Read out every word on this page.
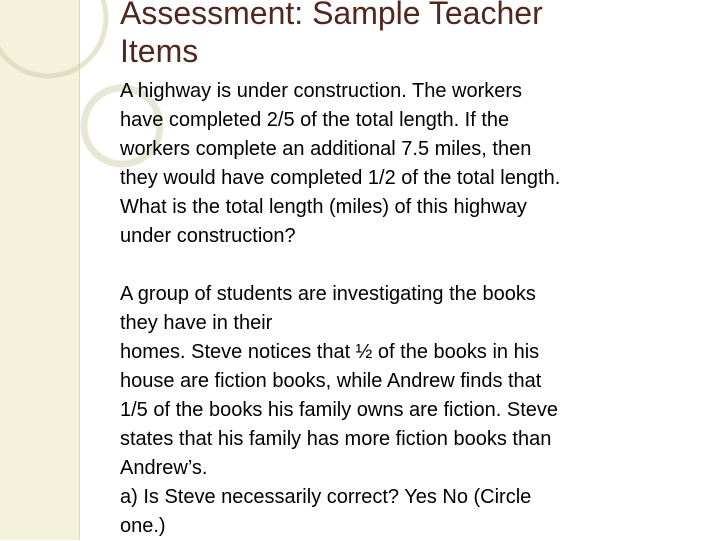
Assessment: Sample Teacher
Items
A highway is under construction. The workers
have completed 2/5 of the total length. If the
workers complete an additional 7.5 miles, then
they would have completed 1/2 of the total length.
What is the total length (miles) of this highway
under construction?
A group of students are investigating the books
they have in their
homes. Steve notices that ½ of the books in his
house are fiction books, while Andrew finds that
1/5 of the books his family owns are fiction. Steve
states that his family has more fiction books than
Andrew’s.
a) Is Steve necessarily correct? Yes No (Circle
one.)
